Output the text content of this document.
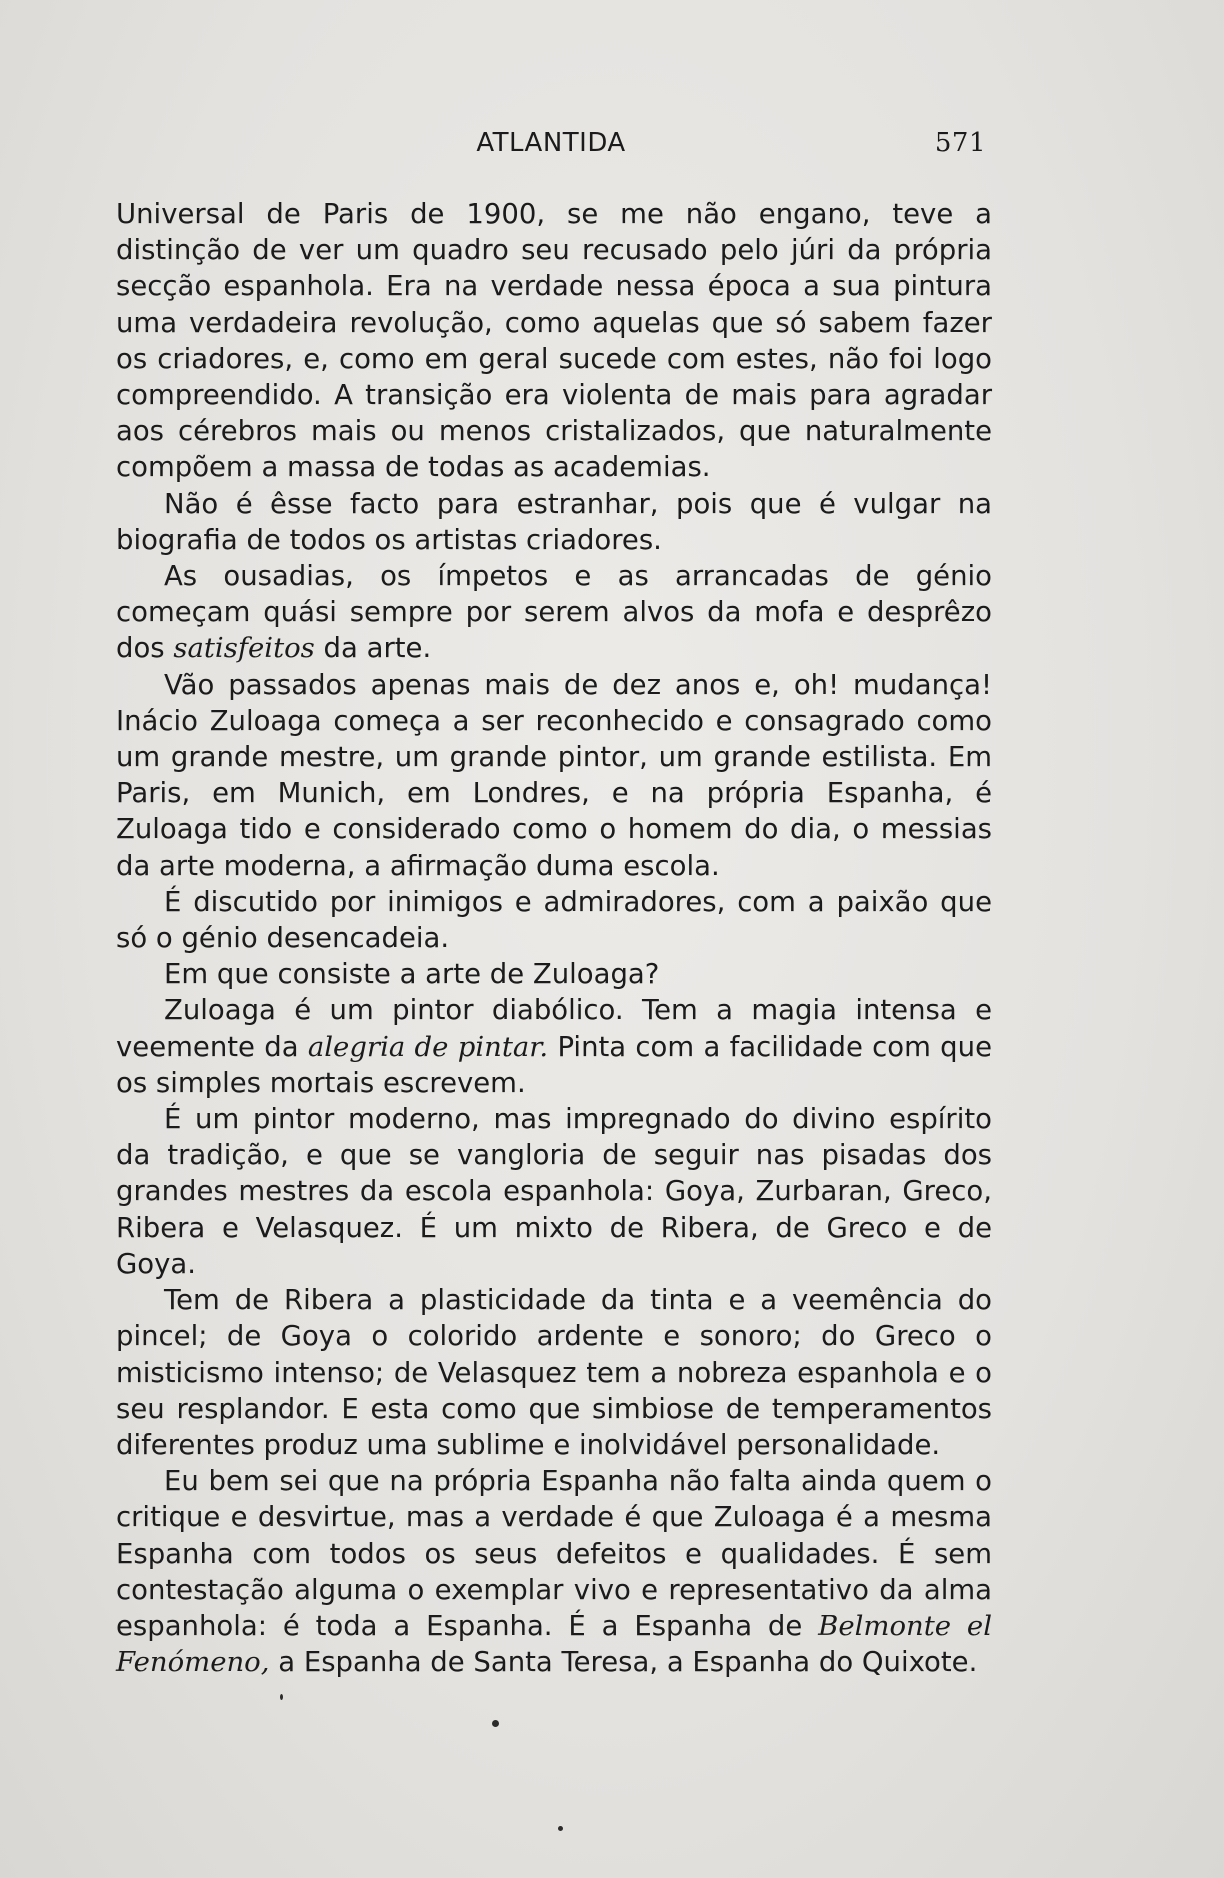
ATLANTIDA	571

Universal de Paris de 1900, se me não engano, teve a distinção de ver um quadro seu recusado pelo júri da própria secção espanhola. Era na verdade nessa época a sua pintura uma verdadeira revolução, como aquelas que só sabem fazer os criadores, e, como em geral sucede com estes, não foi logo compreendido. A transição era violenta de mais para agradar aos cérebros mais ou menos cristalizados, que naturalmente compõem a massa de todas as academias.

Não é êsse facto para estranhar, pois que é vulgar na biografia de todos os artistas criadores.

As ousadias, os ímpetos e as arrancadas de génio começam quási sempre por serem alvos da mofa e desprêzo dos satisfeitos da arte.

Vão passados apenas mais de dez anos e, oh! mudança! Inácio Zuloaga começa a ser reconhecido e consagrado como um grande mestre, um grande pintor, um grande estilista. Em Paris, em Munich, em Londres, e na própria Espanha, é Zuloaga tido e considerado como o homem do dia, o messias da arte moderna, a afirmação duma escola.

É discutido por inimigos e admiradores, com a paixão que só o génio desencadeia.

Em que consiste a arte de Zuloaga?

Zuloaga é um pintor diabólico. Tem a magia intensa e veemente da alegria de pintar. Pinta com a facilidade com que os simples mortais escrevem.

É um pintor moderno, mas impregnado do divino espírito da tradição, e que se vangloria de seguir nas pisadas dos grandes mestres da escola espanhola: Goya, Zurbaran, Greco, Ribera e Velasquez. É um mixto de Ribera, de Greco e de Goya.

Tem de Ribera a plasticidade da tinta e a veemência do pincel; de Goya o colorido ardente e sonoro; do Greco o misticismo intenso; de Velasquez tem a nobreza espanhola e o seu resplandor. E esta como que simbiose de temperamentos diferentes produz uma sublime e inolvidável personalidade.

Eu bem sei que na própria Espanha não falta ainda quem o critique e desvirtue, mas a verdade é que Zuloaga é a mesma Espanha com todos os seus defeitos e qualidades. É sem contestação alguma o exemplar vivo e representativo da alma espanhola: é toda a Espanha. É a Espanha de Belmonte el Fenómeno, a Espanha de Santa Teresa, a Espanha do Quixote.
